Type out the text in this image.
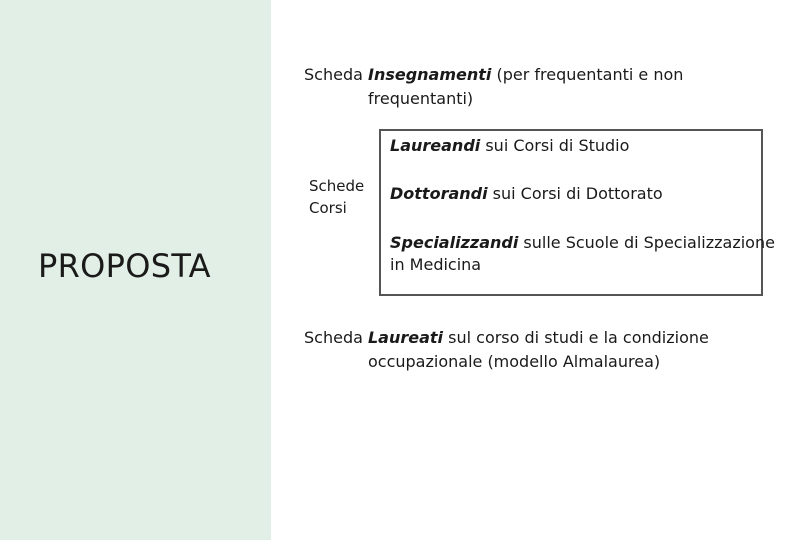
PROPOSTA
Scheda Insegnamenti (per frequentanti e non
frequentanti)
Schede
Corsi
Laureandi sui Corsi di Studio
Dottorandi sui Corsi di Dottorato
Specializzandi sulle Scuole di Specializzazione
in Medicina
Scheda Laureati sul corso di studi e la condizione
occupazionale (modello Almalaurea)
